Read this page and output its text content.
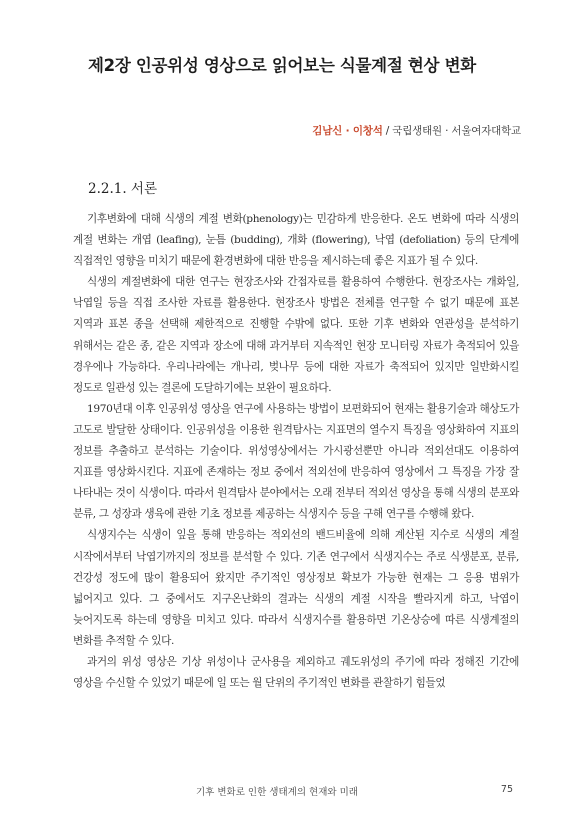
제2장 인공위성 영상으로 읽어보는 식물계절 현상 변화
김남신 · 이창석 / 국립생태원 · 서울여자대학교
2.2.1. 서론

기후변화에 대해 식생의 계절 변화(phenology)는 민감하게 반응한다. 온도 변화에 따라 식생의 계절 변화는 개엽 (leafing), 눈틈 (budding), 개화 (flowering), 낙엽 (defoliation) 등의 단계에 직접적인 영향을 미치기 때문에 환경변화에 대한 반응을 제시하는데 좋은 지표가 될 수 있다.

식생의 계절변화에 대한 연구는 현장조사와 간접자료를 활용하여 수행한다. 현장조사는 개화일, 낙엽일 등을 직접 조사한 자료를 활용한다. 현장조사 방법은 전체를 연구할 수 없기 때문에 표본 지역과 표본 종을 선택해 제한적으로 진행할 수밖에 없다. 또한 기후 변화와 연관성을 분석하기 위해서는 같은 종, 같은 지역과 장소에 대해 과거부터 지속적인 현장 모니터링 자료가 축적되어 있을 경우에나 가능하다. 우리나라에는 개나리, 벚나무 등에 대한 자료가 축적되어 있지만 일반화시킬 정도로 일관성 있는 결론에 도달하기에는 보완이 필요하다.

1970년대 이후 인공위성 영상을 연구에 사용하는 방법이 보편화되어 현재는 활용기술과 해상도가 고도로 발달한 상태이다. 인공위성을 이용한 원격탐사는 지표면의 열수지 특징을 영상화하여 지표의 정보를 추출하고 분석하는 기술이다. 위성영상에서는 가시광선뿐만 아니라 적외선대도 이용하여 지표를 영상화시킨다. 지표에 존재하는 정보 중에서 적외선에 반응하여 영상에서 그 특징을 가장 잘 나타내는 것이 식생이다. 따라서 원격탐사 분야에서는 오래 전부터 적외선 영상을 통해 식생의 분포와 분류, 그 성장과 생육에 관한 기초 정보를 제공하는 식생지수 등을 구해 연구를 수행해 왔다.

식생지수는 식생이 잎을 통해 반응하는 적외선의 밴드비율에 의해 계산된 지수로 식생의 계절 시작에서부터 낙엽기까지의 정보를 분석할 수 있다. 기존 연구에서 식생지수는 주로 식생분포, 분류, 건강성 정도에 많이 활용되어 왔지만 주기적인 영상정보 확보가 가능한 현재는 그 응용 범위가 넓어지고 있다. 그 중에서도 지구온난화의 결과는 식생의 계절 시작을 빨라지게 하고, 낙엽이 늦어지도록 하는데 영향을 미치고 있다. 따라서 식생지수를 활용하면 기온상승에 따른 식생계절의 변화를 추적할 수 있다.

과거의 위성 영상은 기상 위성이나 군사용을 제외하고 궤도위성의 주기에 따라 정해진 기간에 영상을 수신할 수 있었기 때문에 일 또는 월 단위의 주기적인 변화를 관찰하기 힘들었

기후 변화로 인한 생태계의 현재와 미래	75
